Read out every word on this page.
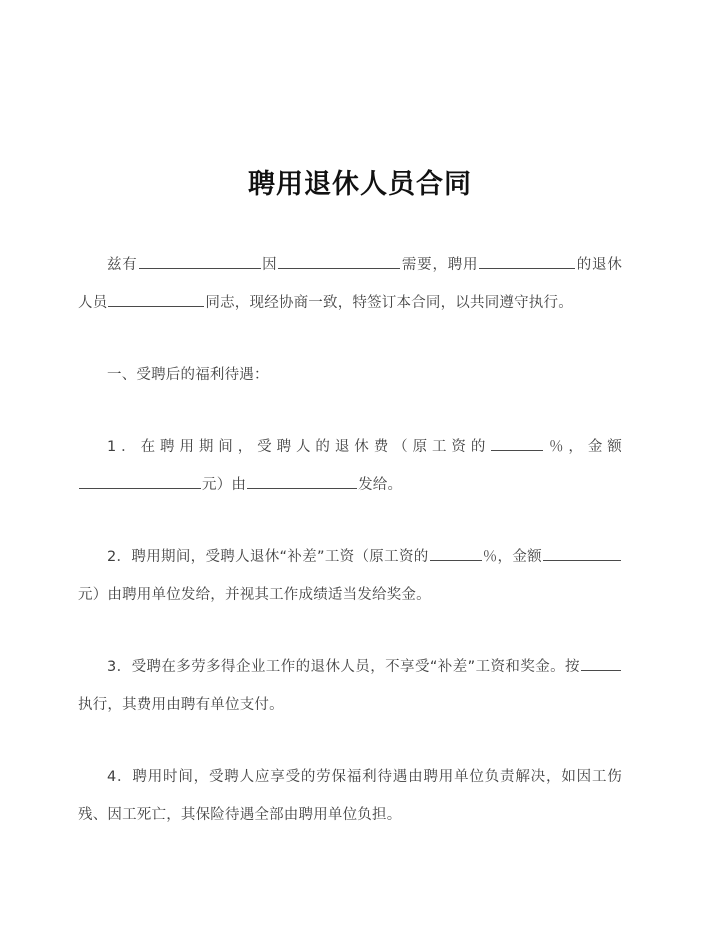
聘用退休人员合同

兹有	因	需要，聘用	的退休人员	同志，现经协商一致，特签订本合同，以共同遵守执行。

一、受聘后的福利待遇：

1．在聘用期间，受聘人的退休费（原工资的	％，金额元）由	发给。

2．聘用期间，受聘人退休“补差”工资（原工资的	％，金额元）由聘用单位发给，并视其工作成绩适当发给奖金。

3．受聘在多劳多得企业工作的退休人员，不享受“补差”工资和奖金。按执行，其费用由聘有单位支付。

4．聘用时间，受聘人应享受的劳保福利待遇由聘用单位负责解决，如因工伤残、因工死亡，其保险待遇全部由聘用单位负担。
